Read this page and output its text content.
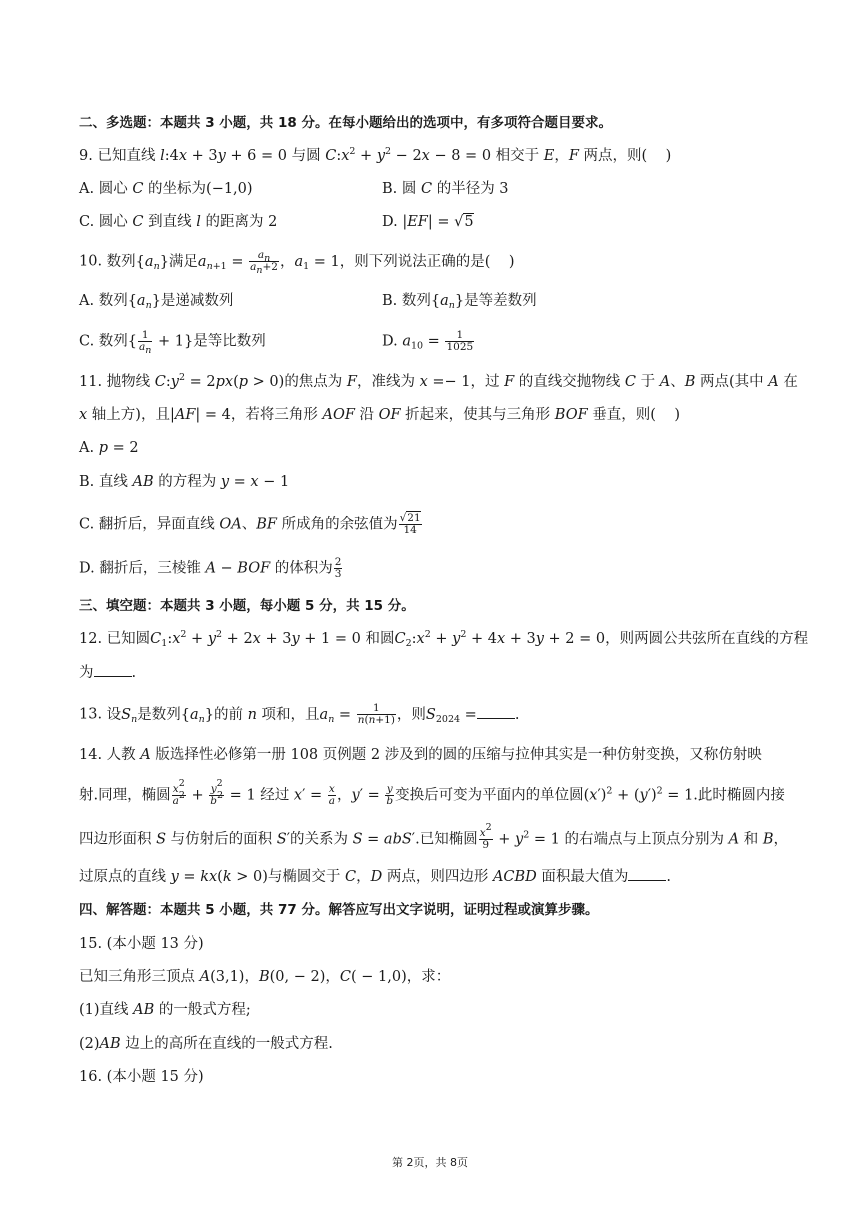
二、多选题：本题共 3 小题，共 18 分。在每小题给出的选项中，有多项符合题目要求。
9. 已知直线 l:4x + 3y + 6 = 0 与圆 $C:x^2 + y^2 - 2x - 8 = 0$ 相交于 E，F 两点，则(    )
A. 圆心 C 的坐标为(−1,0)	B. 圆 C 的半径为 3
C. 圆心 C 到直线 l 的距离为 2	D. |EF| = √5
10. 数列$\{a_n\}$满足$a_{n+1} = \frac{a_n}{a_n+2}$ ，$a_1 = 1$，则下列说法正确的是(    )
A. 数列$\{a_n\}$是递减数列	B. 数列$\{a_n\}$是等差数列
C. 数列{ $\frac{1}{a_n} + 1$}是等比数列	D. $a_{10} = \frac{1}{1025}$
11. 抛物线 $C:y^2 = 2px(p > 0)$的焦点为 F，准线为 x =− 1，过 F 的直线交抛物线 C 于 A、B 两点(其中 A 在
x 轴上方)，且|AF| = 4，若将三角形 AOF 沿 OF 折起来，使其与三角形 BOF 垂直，则(    )
A. p = 2
B. 直线 AB 的方程为 y = x − 1
C. 翻折后，异面直线 OA、BF 所成角的余弦值为 $\frac{√21}{14}$
D. 翻折后，三棱锥 A − BOF 的体积为 $\frac{2}{3}$
三、填空题：本题共 3 小题，每小题 5 分，共 15 分。
12. 已知圆$C_1:x^2 + y^2 + 2x + 3y + 1 = 0$ 和圆$C_2:x^2 + y^2 + 4x + 3y + 2 = 0$，则两圆公共弦所在直线的方程
为	.
13. 设$S_n$是数列$\{a_n\}$的前 n 项和，且$a_n = \frac{1}{n(n+1)}$ ，则$S_{2024}$ =	.
14. 人教 A 版选择性必修第一册 108 页例题 2 涉及到的圆的压缩与拉伸其实是一种仿射变换，又称仿射映
射.同理，椭圆 $\frac{x^2}{a^2} + \frac{y^2}{b^2} = 1$ 经过 $x' = \frac{x}{a}$ ，$y' = \frac{y}{b}$ 变换后可变为平面内的单位圆$(x')^2 + (y')^2 = 1$.此时椭圆内接
四边形面积 S 与仿射后的面积 S′的关系为 S = abS′.已知椭圆 $\frac{x^2}{9} + y^2 = 1$ 的右端点与上顶点分别为 A 和 B，
过原点的直线 y = kx(k > 0)与椭圆交于 C，D 两点，则四边形 ACBD 面积最大值为	.
四、解答题：本题共 5 小题，共 77 分。解答应写出文字说明，证明过程或演算步骤。
15. (本小题 13 分)
已知三角形三顶点 A(3,1)，B(0, − 2)，C( − 1,0)，求：
(1)直线 AB 的一般式方程;
(2)AB 边上的高所在直线的一般式方程.
16. (本小题 15 分)
第 2页，共 8页
